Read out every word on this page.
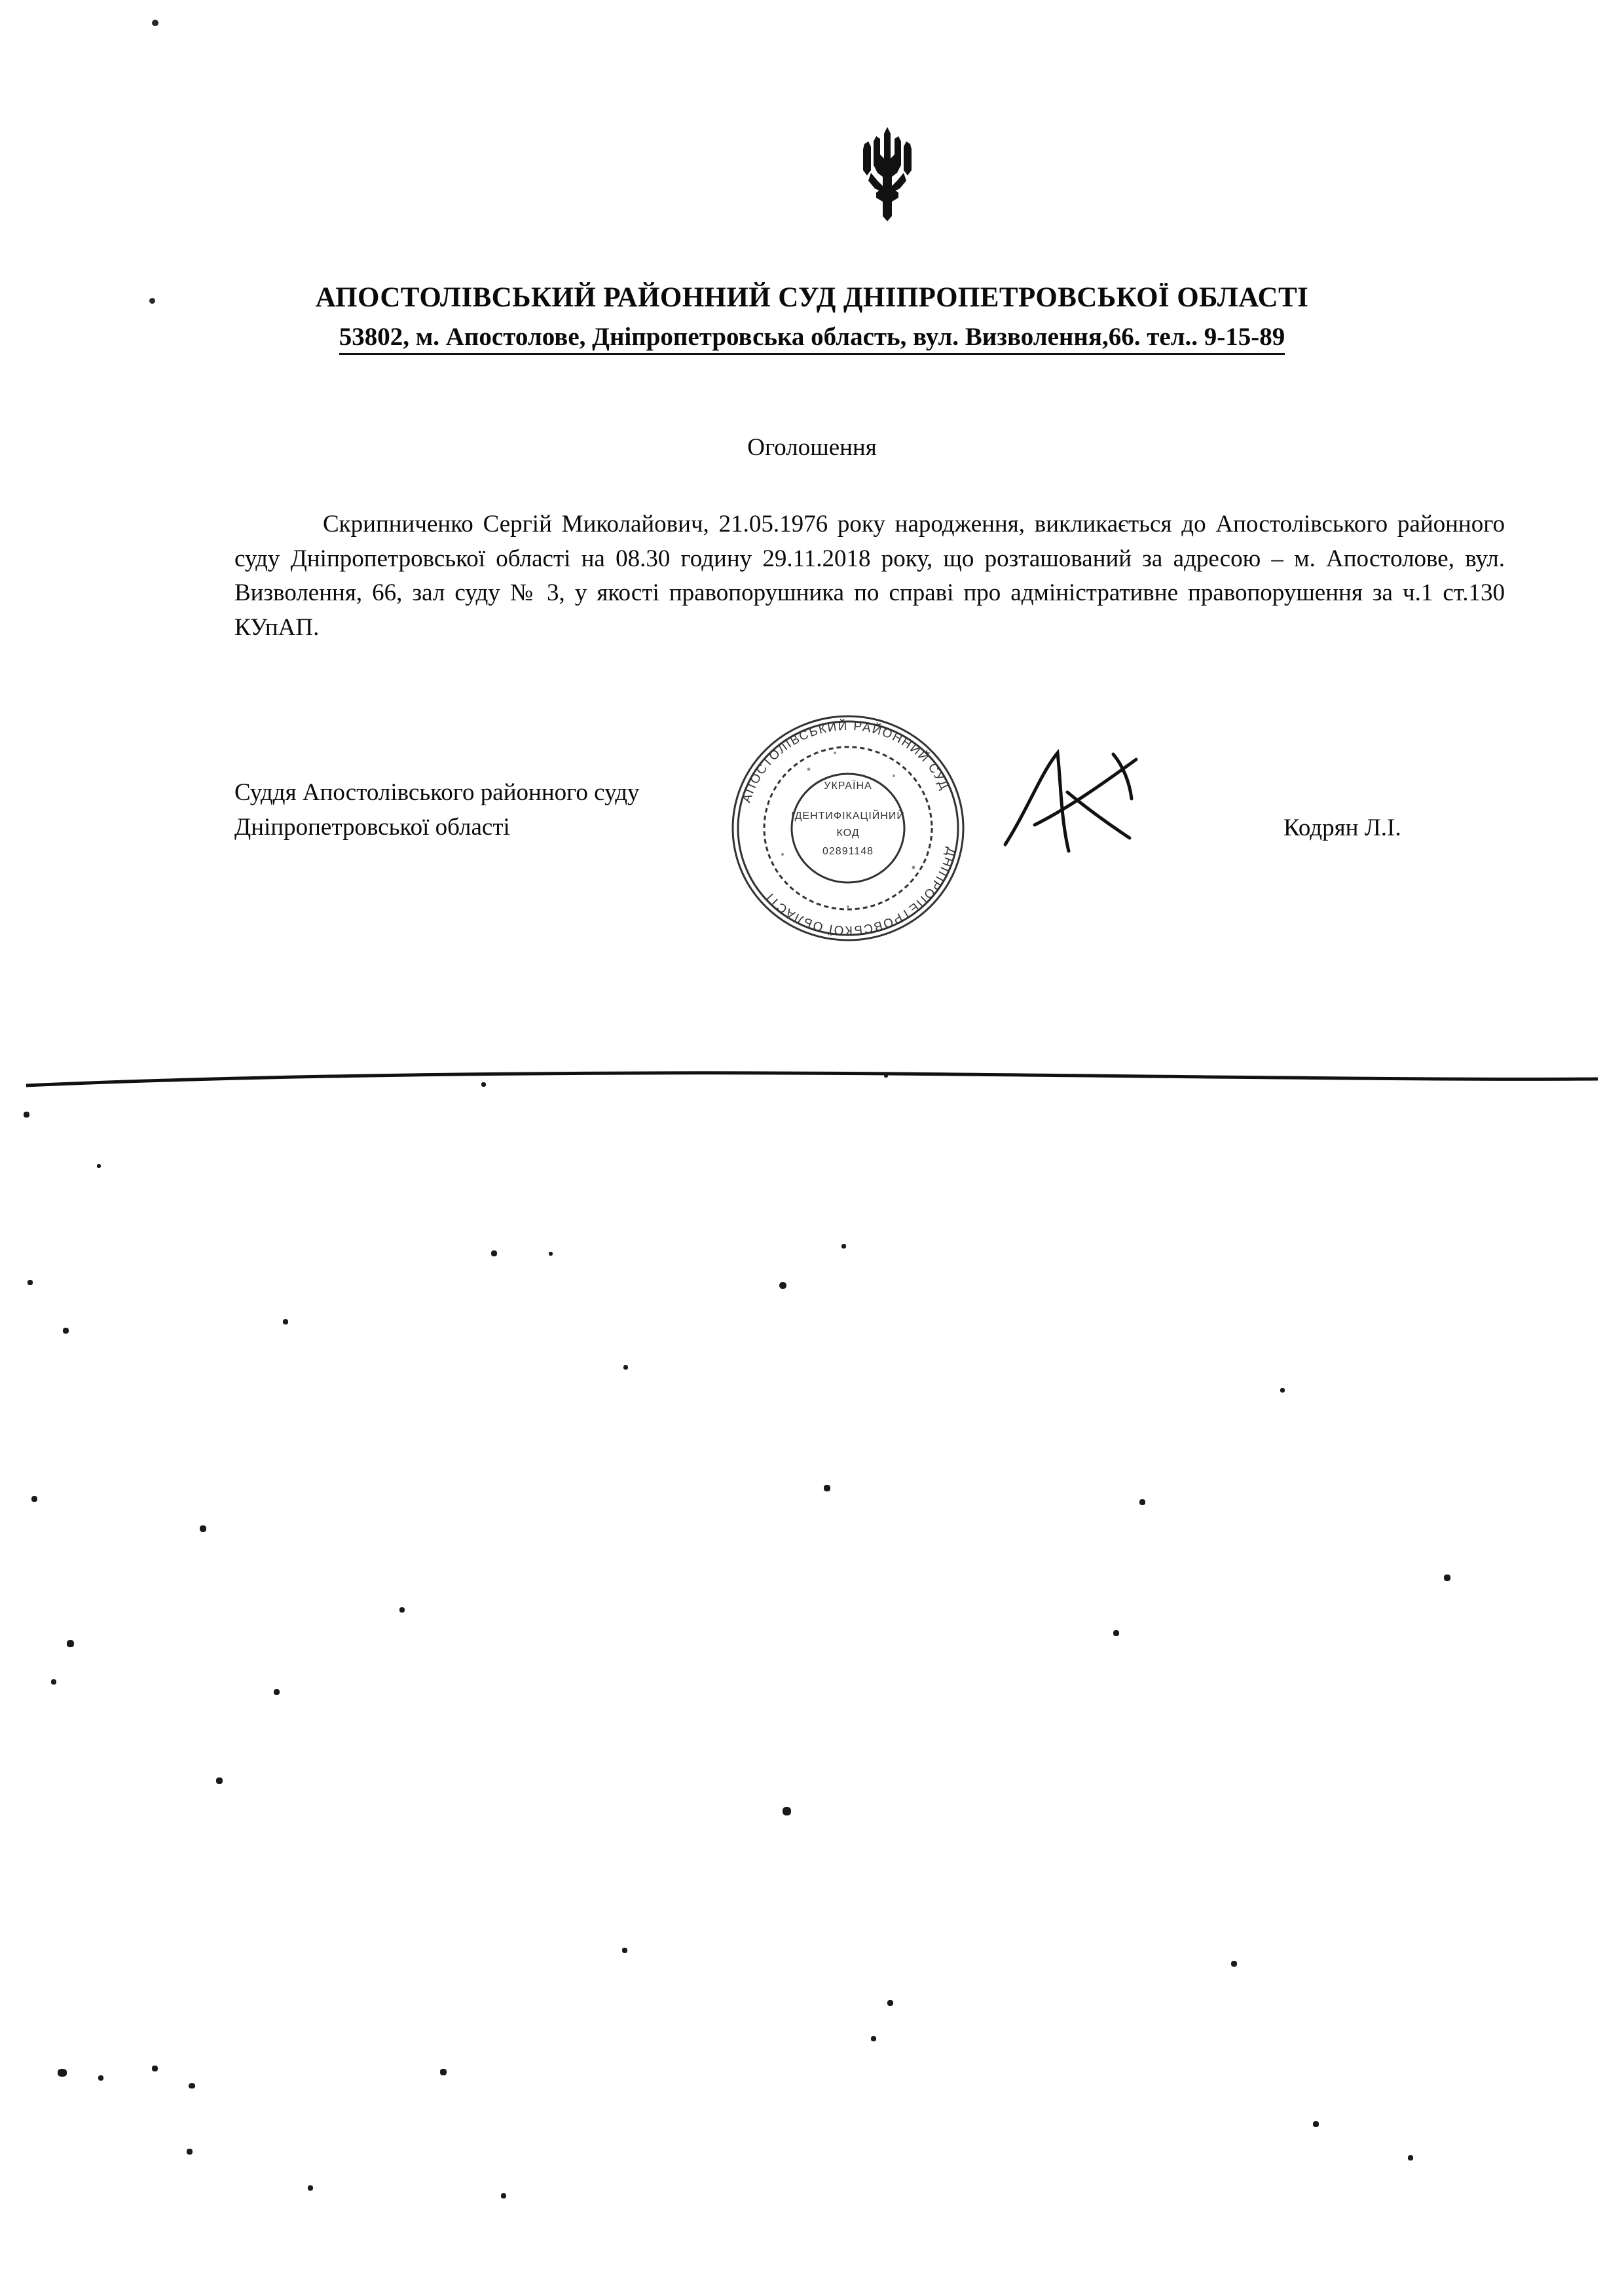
АПОСТОЛІВСЬКИЙ РАЙОННИЙ СУД ДНІПРОПЕТРОВСЬКОЇ ОБЛАСТІ
53802, м. Апостолове, Дніпропетровська область, вул. Визволення,66. тел.. 9-15-89
Оголошення
Скрипниченко Сергій Миколайович, 21.05.1976 року народження, викликається до Апостолівського районного суду Дніпропетровської області на 08.30 годину 29.11.2018 року, що розташований за адресою – м. Апостолове, вул. Визволення, 66, зал суду № 3, у якості правопорушника по справі про адміністративне правопорушення за ч.1 ст.130 КУпАП.
Суддя Апостолівського районного суду
Дніпропетровської області	Кодрян Л.І.
АПОСТОЛІВСЬКИЙ РАЙОННИЙ СУД
ДНІПРОПЕТРОВСЬКОЇ ОБЛАСТІ
УКРАЇНА
ІДЕНТИФІКАЦІЙНИЙ
КОД
02891148
